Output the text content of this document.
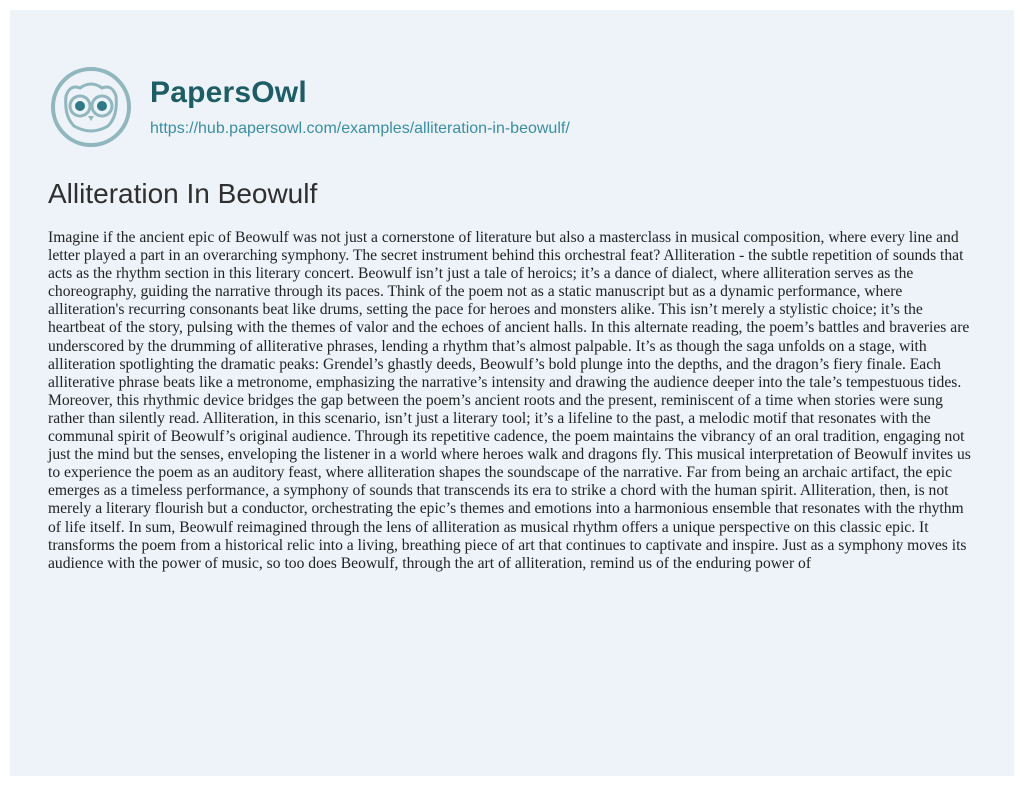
PapersOwl
https://hub.papersowl.com/examples/alliteration-in-beowulf/
Alliteration In Beowulf

Imagine if the ancient epic of Beowulf was not just a cornerstone of literature but also a masterclass in musical composition, where every line and letter played a part in an overarching symphony. The secret instrument behind this orchestral feat? Alliteration - the subtle repetition of sounds that acts as the rhythm section in this literary concert. Beowulf isn’t just a tale of heroics; it’s a dance of dialect, where alliteration serves as the choreography, guiding the narrative through its paces. Think of the poem not as a static manuscript but as a dynamic performance, where alliteration's recurring consonants beat like drums, setting the pace for heroes and monsters alike. This isn’t merely a stylistic choice; it’s the heartbeat of the story, pulsing with the themes of valor and the echoes of ancient halls. In this alternate reading, the poem’s battles and braveries are underscored by the drumming of alliterative phrases, lending a rhythm that’s almost palpable. It’s as though the saga unfolds on a stage, with alliteration spotlighting the dramatic peaks: Grendel’s ghastly deeds, Beowulf’s bold plunge into the depths, and the dragon’s fiery finale. Each alliterative phrase beats like a metronome, emphasizing the narrative’s intensity and drawing the audience deeper into the tale’s tempestuous tides. Moreover, this rhythmic device bridges the gap between the poem’s ancient roots and the present, reminiscent of a time when stories were sung rather than silently read. Alliteration, in this scenario, isn’t just a literary tool; it’s a lifeline to the past, a melodic motif that resonates with the communal spirit of Beowulf’s original audience. Through its repetitive cadence, the poem maintains the vibrancy of an oral tradition, engaging not just the mind but the senses, enveloping the listener in a world where heroes walk and dragons fly. This musical interpretation of Beowulf invites us to experience the poem as an auditory feast, where alliteration shapes the soundscape of the narrative. Far from being an archaic artifact, the epic emerges as a timeless performance, a symphony of sounds that transcends its era to strike a chord with the human spirit. Alliteration, then, is not merely a literary flourish but a conductor, orchestrating the epic’s themes and emotions into a harmonious ensemble that resonates with the rhythm of life itself. In sum, Beowulf reimagined through the lens of alliteration as musical rhythm offers a unique perspective on this classic epic. It transforms the poem from a historical relic into a living, breathing piece of art that continues to captivate and inspire. Just as a symphony moves its audience with the power of music, so too does Beowulf, through the art of alliteration, remind us of the enduring power of
